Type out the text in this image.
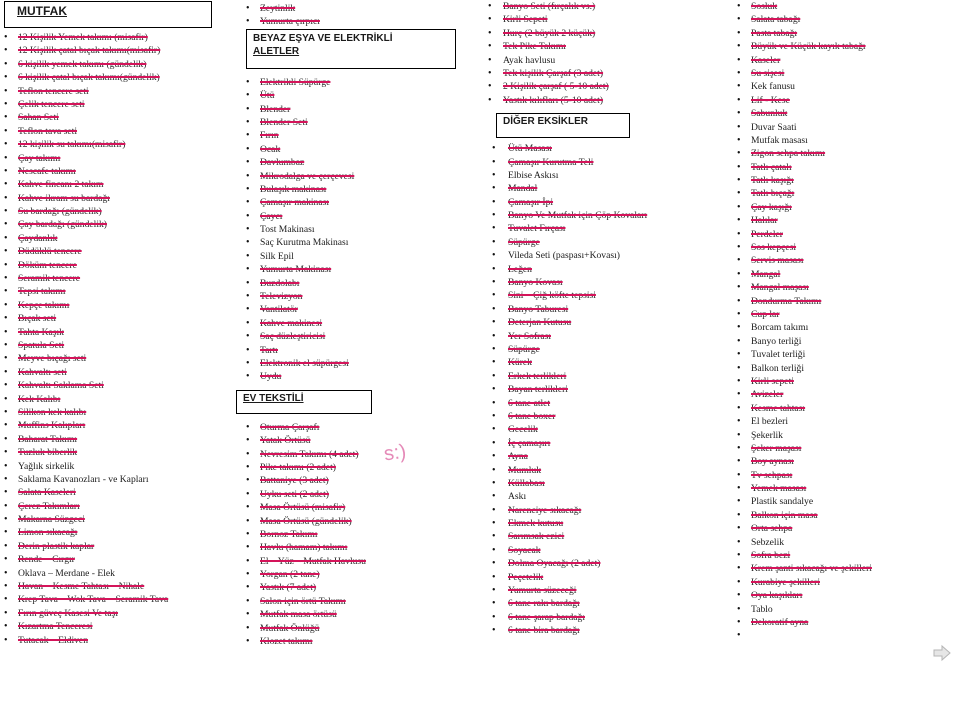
MUTFAK
• 12 Kişilik Yemek takımı (misafir)
• 12 Kişilik çatal bıçak takımı(misafir)
• 6 kişilik yemek takımı (gündelik)
• 6 kişilik çatal bıçak takımı(gündelik)
• Teflon tencere seti
• Çelik tencere seti
• Sahan Seti
• Teflon tava seti
• 12 kişilik su takımı(misafir)
• Çay takımı
• Nescafe takımı
• Kahve fincanı 2 takım
• Kahve ikram su bardağı
• Su bardağı (gündelik)
• Çay bardağı (gündelik)
• Çaydanlık
• Düdüklü tencere
• Döküm tencere
• Seramik tencere
• Tepsi takımı
• Kepçe takımı
• Bıçak seti
• Tahta Kaşık
• Spatula Seti
• Meyve bıçağı seti
• Kahvaltı seti
• Kahvaltı Saklama Seti
• Kek Kalıbı
• Silikon kek kalıbı
• Muffins Kalıpları
• Baharat Takımı
• Tuzluk biberlik
• Yağlık sirkelik
• Saklama Kavanozları - ve Kapları
• Salata Kaseleri
• Çerez Takımları
• Makarna Süzgeci
• Limon sıkacağı
• Derin plastik kaplar
• Rende – Cırgır
• Oklava – Merdane - Elek
• Havan – Kesme Tahtası – Nihale
• Krep Tava – Wok Tava – Seramik Tava
• Fırın güveç Kasesi Ve taşı
• Kızartma Tenceresi
• Tutacak – Eldiven
• Zeytinlik
• Yumurta çırpıcı
BEYAZ EŞYA VE ELEKTRİKLİ
ALETLER
• Elektrikli Süpürge
• Ütü
• Blender
• Blender Seti
• Fırın
• Ocak
• Davlumbaz
• Mikrodalga ve çerçevesi
• Bulaşık makinası
• Çamaşır makinası
• Çaycı
• Tost Makinası
• Saç Kurutma Makinası
• Silk Epil
• Yumurta Makinası
• Buzdolabı
• Televizyon
• Vantilatör
• Kahve makinesi
• Saç düzleştiricisi
• Tartı
• Elektronik el süpürgesi
• Uydu
EV TEKSTİLİ
• Oturma Çarşafı
• Yatak Örtüsü
• Nevresim Takımı (4 adet)
• Pike takımı (2 adet)
• Battaniye (3 adet)
• Uyku seti (2 adet)
• Masa Örtüsü (misafir)
• Masa Örtüsü (gündelik)
• Bornoz Takımı
• Havlu (hamam) takımı
• El – Yüz – Mutfak Havlusu
• Yorgan (2 tane)
• Yastık (7 adet)
• Salon için örtü Takımı
• Mutfak masa örtüsü
• Mutfak Önlüğü
• Klozet takımı
• Banyo Seti (fırçalık vs.)
• Kirli Sepeti
• Hurç (2 büyük 2 küçük)
• Tek Pike Takımı
• Ayak havlusu
• Tek kişilik Çarşaf (3 adet)
• 2 Kişilik çarşaf ( 5-10 adet)
• Yastık kılıfları (5-10 adet)
DİĞER EKSİKLER
• Ütü Masası
• Çamaşır Kurutma Teli
• Elbise Askısı
• Mandal
• Çamaşır İpi
• Banyo Ve Mutfak için Çöp Kovaları
• Tuvalet Fırçası
• Süpürge
• Vileda Seti (paspası+Kovası)
• Leğen
• Banyo Kovası
• Sini – Çiğ köfte tepsisi
• Banyo Taburesi
• Deterjan Kutusu
• Yer Sofrası
• Süpürge
• Kürek
• Erkek terlikleri
• Bayan terlikleri
• 6 tane atlet
• 6 tane boxer
• Gecelik
• İç çamaşırı
• Ayna
• Mumluk
• Küllabası
• Askı
• Narenciye sıkacağı
• Ekmek kutusu
• Sarımsak ezici
• Soyacak
• Dolma Oyacağı (2 adet)
• Peçetelik
• Yumurta süzeceği
• 6 tane rakı bardağı
• 6 tane şarap bardağı
• 6 tane bira bardağı
• Sosluk
• Salata tabağı
• Pasta tabağı
• Büyük ve Küçük kayık tabağı
• Kaseler
• Su sişesi
• Kek fanusu
• Lif - Kese
• Sabunluk
• Duvar Saati
• Mutfak masası
• Zigon sehpa takımı
• Tatlı çatalı
• Tatlı kaşığı
• Tatlı bıçağı
• Çay kaşığı
• Halılar
• Perdeler
• Sos kepçesi
• Servis masası
• Mangal
• Mangal maşası
• Dondurma Takımı
• Cup lar
• Borcam takımı
• Banyo terliği
• Tuvalet terliği
• Balkon terliği
• Kirli sepeti
• Avizeler
• Kesme tahtası
• El bezleri
• Şekerlik
• Şeker maşası
• Boy aynası
• Tv sehpası
• Yemek masası
• Plastik sandalye
• Balkon için masa
• Orta sehpa
• Sebzelik
• Sofra bezi
• Krem şanti sıkacağı ve şekilleri
• Kurabiye şekilleri
• Oya kaşıkları
• Tablo
• Dekoratif ayna
•
s:)
